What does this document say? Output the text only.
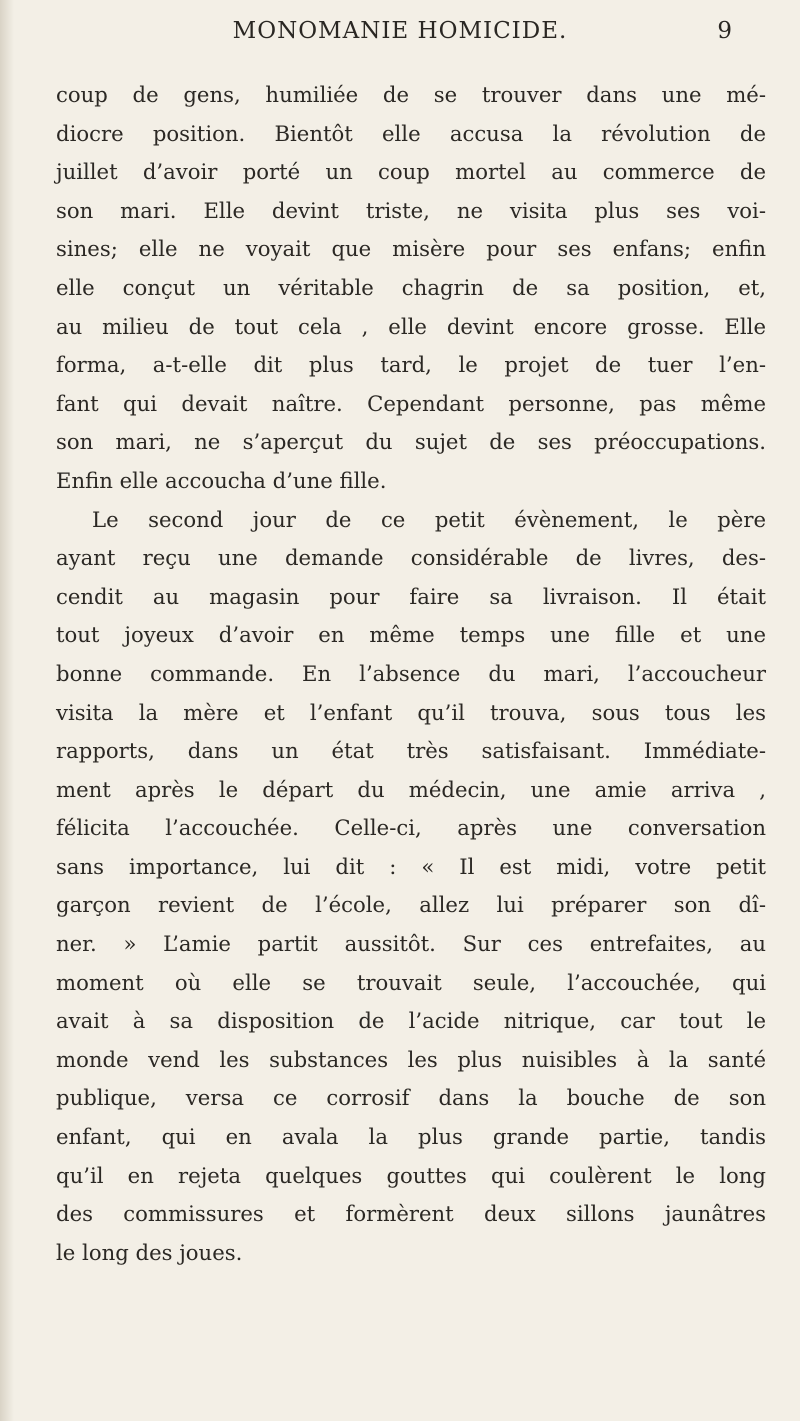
MONOMANIE HOMICIDE.	9
coup de gens, humiliée de se trouver dans une mé-
diocre position. Bientôt elle accusa la révolution de
juillet d’avoir porté un coup mortel au commerce de
son mari. Elle devint triste, ne visita plus ses voi-
sines; elle ne voyait que misère pour ses enfans; enfin
elle conçut un véritable chagrin de sa position, et,
au milieu de tout cela , elle devint encore grosse. Elle
forma, a-t-elle dit plus tard, le projet de tuer l’en-
fant qui devait naître. Cependant personne, pas même
son mari, ne s’aperçut du sujet de ses préoccupations.
Enfin elle accoucha d’une fille.
Le second jour de ce petit évènement, le père
ayant reçu une demande considérable de livres, des-
cendit au magasin pour faire sa livraison. Il était
tout joyeux d’avoir en même temps une fille et une
bonne commande. En l’absence du mari, l’accoucheur
visita la mère et l’enfant qu’il trouva, sous tous les
rapports, dans un état très satisfaisant. Immédiate-
ment après le départ du médecin, une amie arriva ,
félicita l’accouchée. Celle-ci, après une conversation
sans importance, lui dit : « Il est midi, votre petit
garçon revient de l’école, allez lui préparer son dî-
ner. » L’amie partit aussitôt. Sur ces entrefaites, au
moment où elle se trouvait seule, l’accouchée, qui
avait à sa disposition de l’acide nitrique, car tout le
monde vend les substances les plus nuisibles à la santé
publique, versa ce corrosif dans la bouche de son
enfant, qui en avala la plus grande partie, tandis
qu’il en rejeta quelques gouttes qui coulèrent le long
des commissures et formèrent deux sillons jaunâtres
le long des joues.
